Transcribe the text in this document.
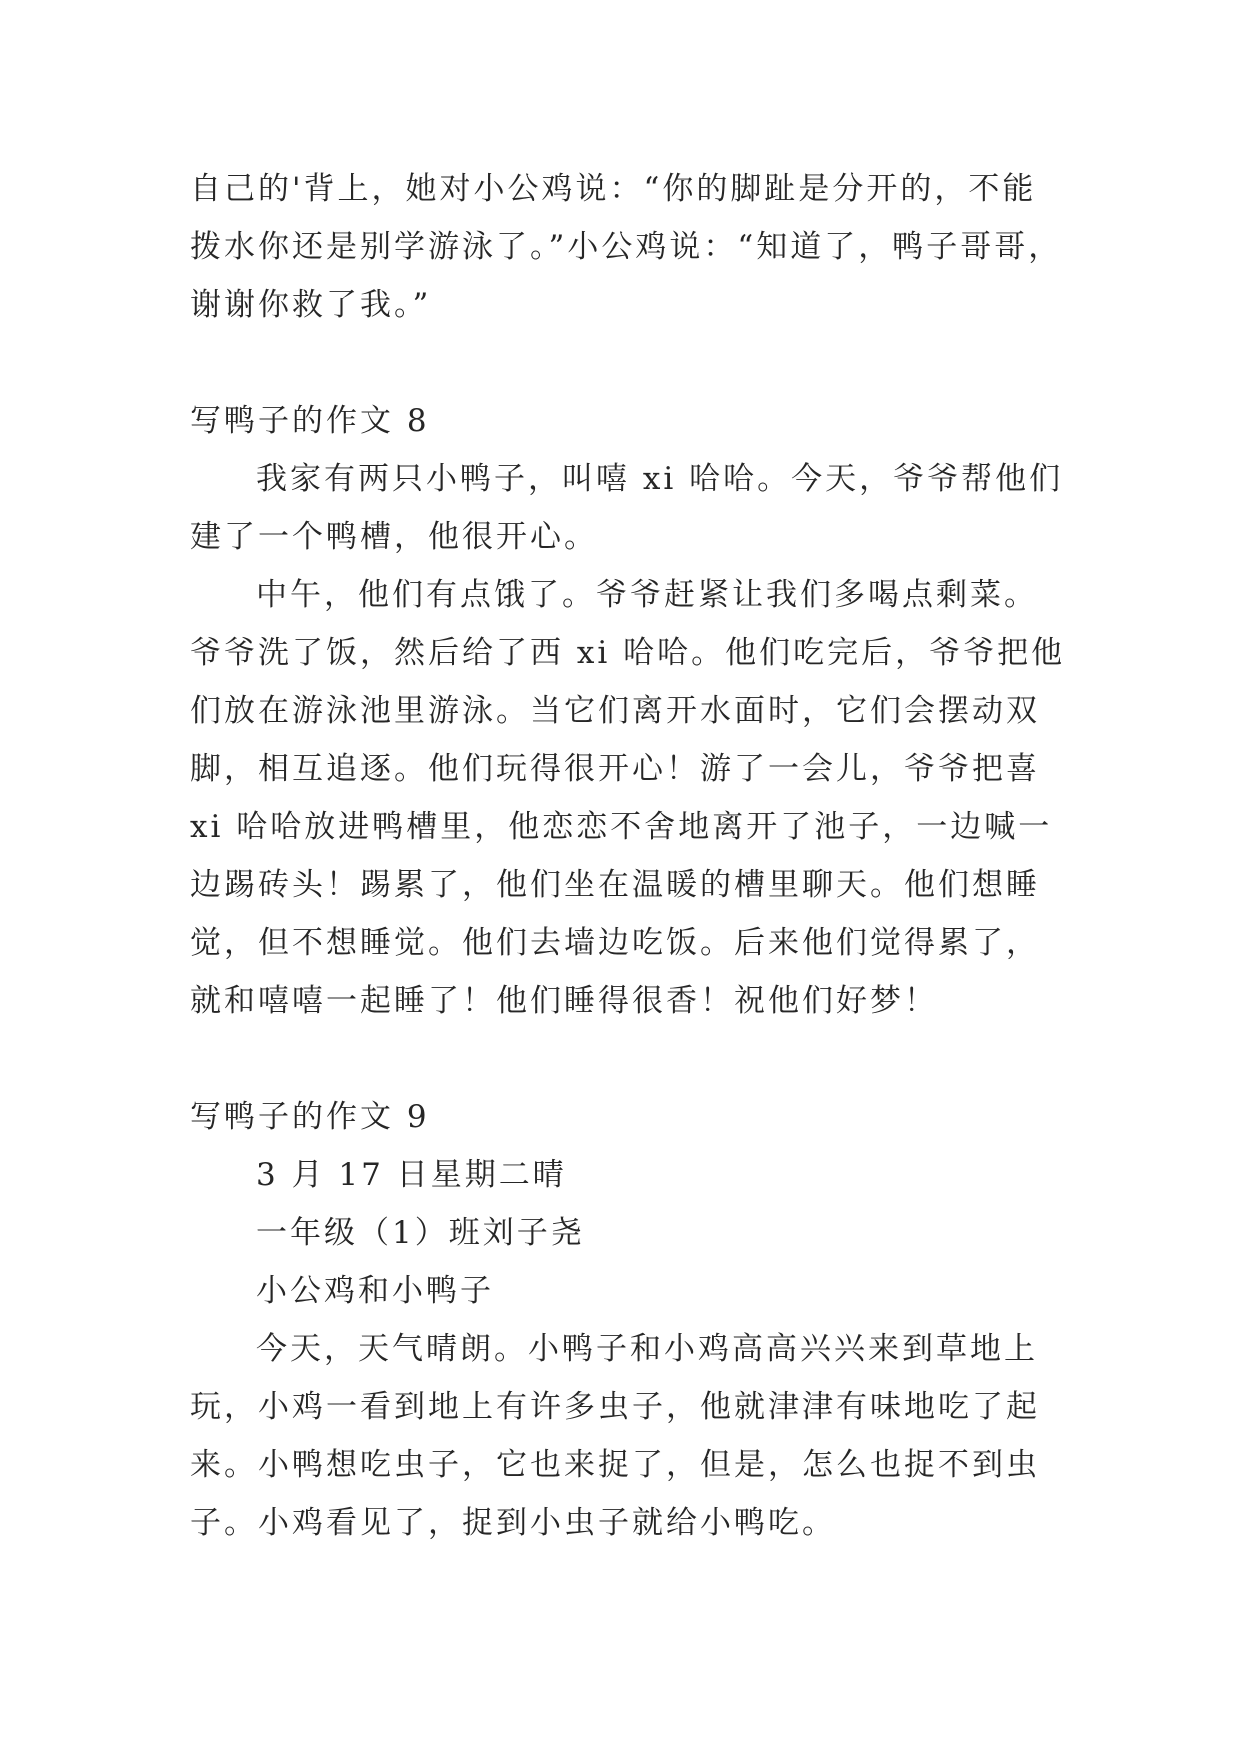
自己的'背上，她对小公鸡说：“你的脚趾是分开的，不能拨水你还是别学游泳了。”小公鸡说：“知道了，鸭子哥哥，谢谢你救了我。”

写鸭子的作文 8

我家有两只小鸭子，叫嘻 xi 哈哈。今天，爷爷帮他们建了一个鸭槽，他很开心。

中午，他们有点饿了。爷爷赶紧让我们多喝点剩菜。爷爷洗了饭，然后给了西 xi 哈哈。他们吃完后，爷爷把他们放在游泳池里游泳。当它们离开水面时，它们会摆动双脚，相互追逐。他们玩得很开心！游了一会儿，爷爷把喜 xi 哈哈放进鸭槽里，他恋恋不舍地离开了池子，一边喊一边踢砖头！踢累了，他们坐在温暖的槽里聊天。他们想睡觉，但不想睡觉。他们去墙边吃饭。后来他们觉得累了，就和嘻嘻一起睡了！他们睡得很香！祝他们好梦！

写鸭子的作文 9

3 月 17 日星期二晴

一年级（1）班刘子尧

小公鸡和小鸭子

今天，天气晴朗。小鸭子和小鸡高高兴兴来到草地上玩，小鸡一看到地上有许多虫子，他就津津有味地吃了起来。小鸭想吃虫子，它也来捉了，但是，怎么也捉不到虫子。小鸡看见了，捉到小虫子就给小鸭吃。
